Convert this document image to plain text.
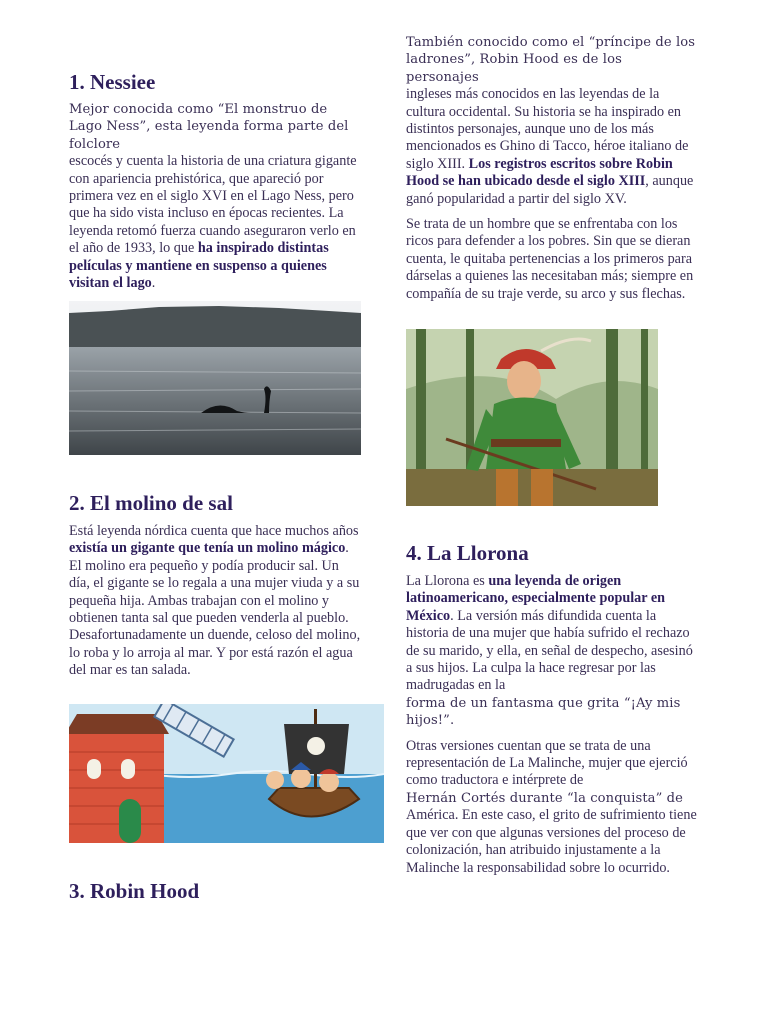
1. Nessiee

Mejor conocida como “El monstruo de Lago Ness”, esta leyenda forma parte del folclore

escocés y cuenta la historia de una criatura gigante con apariencia prehistórica, que apareció por primera vez en el siglo XVI en el Lago Ness, pero que ha sido vista incluso en épocas recientes. La leyenda retomó fuerza cuando aseguraron verlo en el año de 1933, lo que ha inspirado distintas películas y mantiene en suspenso a quienes visitan el lago.

2. El molino de sal

Está leyenda nórdica cuenta que hace muchos años existía un gigante que tenía un molino mágico. El molino era pequeño y podía producir sal. Un día, el gigante se lo regala a una mujer viuda y a su pequeña hija. Ambas trabajan con el molino y obtienen tanta sal que pueden venderla al pueblo. Desafortunadamente un duende, celoso del molino, lo roba y lo arroja al mar. Y por está razón el agua del mar es tan salada.

3. Robin Hood

También conocido como el “príncipe de los ladrones”, Robin Hood es de los personajes

ingleses más conocidos en las leyendas de la cultura occidental. Su historia se ha inspirado en distintos personajes, aunque uno de los más mencionados es Ghino di Tacco, héroe italiano de siglo XIII. Los registros escritos sobre Robin Hood se han ubicado desde el siglo XIII, aunque ganó popularidad a partir del siglo XV.

Se trata de un hombre que se enfrentaba con los ricos para defender a los pobres. Sin que se dieran cuenta, le quitaba pertenencias a los primeros para dárselas a quienes las necesitaban más; siempre en compañía de su traje verde, su arco y sus flechas.

4. La Llorona

La Llorona es una leyenda de origen latinoamericano, especialmente popular en México. La versión más difundida cuenta la historia de una mujer que había sufrido el rechazo de su marido, y ella, en señal de despecho, asesinó a sus hijos. La culpa la hace regresar por las madrugadas en la

forma de un fantasma que grita “¡Ay mis hijos!”.

Otras versiones cuentan que se trata de una representación de La Malinche, mujer que ejerció como traductora e intérprete de

Hernán Cortés durante “la conquista” de

América. En este caso, el grito de sufrimiento tiene que ver con que algunas versiones del proceso de colonización, han atribuido injustamente a la Malinche la responsabilidad sobre lo ocurrido.
